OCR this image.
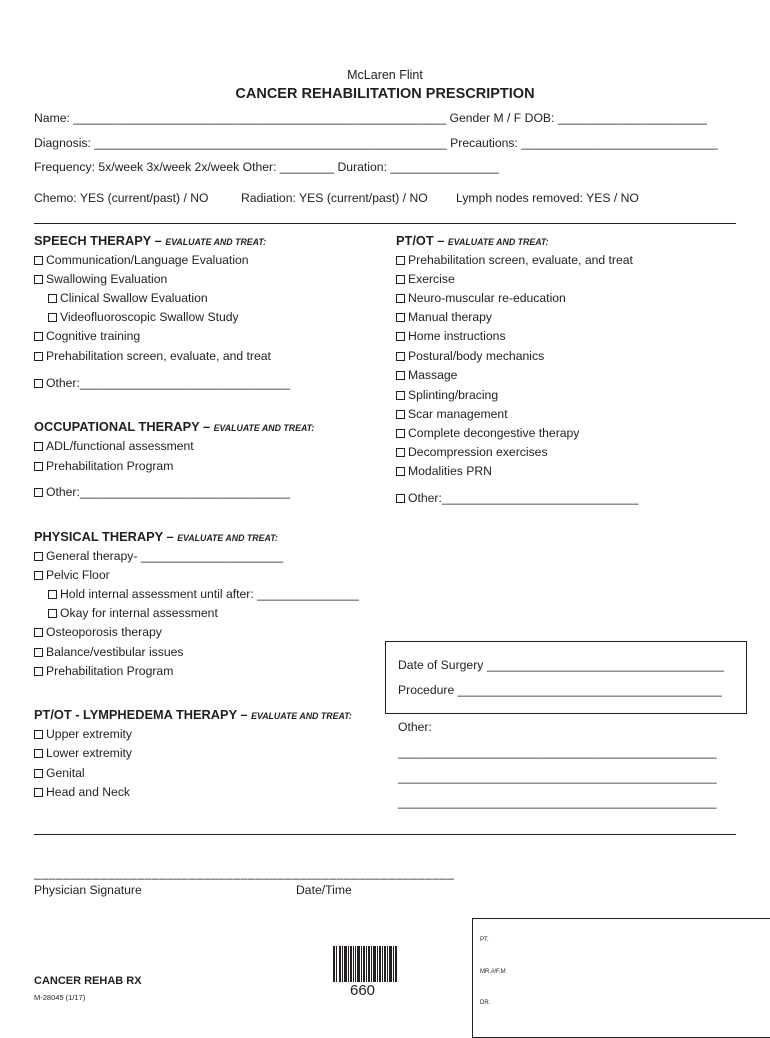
McLaren Flint
CANCER REHABILITATION PRESCRIPTION
Name: _______________________________________________________ Gender M / F DOB: ______________________
Diagnosis: ____________________________________________________ Precautions: _____________________________
Frequency: 5x/week 3x/week 2x/week Other: ________ Duration: ________________
Chemo: YES (current/past) / NO	Radiation: YES (current/past) / NO Lymph nodes removed: YES / NO
SPEECH THERAPY – EVALUATE AND TREAT:
Communication/Language Evaluation
Swallowing Evaluation
Clinical Swallow Evaluation
Videofluoroscopic Swallow Study
Cognitive training
Prehabilitation screen, evaluate, and treat
Other:_______________________________
OCCUPATIONAL THERAPY – EVALUATE AND TREAT:
ADL/functional assessment
Prehabilitation Program
Other:_______________________________
PHYSICAL THERAPY – EVALUATE AND TREAT:
General therapy- _____________________
Pelvic Floor
Hold internal assessment until after: _______________
Okay for internal assessment
Osteoporosis therapy
Balance/vestibular issues
Prehabilitation Program
PT/OT - LYMPHEDEMA THERAPY – EVALUATE AND TREAT:
Upper extremity
Lower extremity
Genital
Head and Neck
PT/OT – EVALUATE AND TREAT:
Prehabilitation screen, evaluate, and treat
Exercise
Neuro-muscular re-education
Manual therapy
Home instructions
Postural/body mechanics
Massage
Splinting/bracing
Scar management
Complete decongestive therapy
Decompression exercises
Modalities PRN
Other:_____________________________
Date of Surgery ___________________________________
Procedure _______________________________________
Other:
_______________________________________________
_______________________________________________
_______________________________________________
_________________________________________________________
Physician Signature	Date/Time
CANCER REHAB RX
M-28045 (1/17)	660
PT.
MR.#/F.M
DR.
